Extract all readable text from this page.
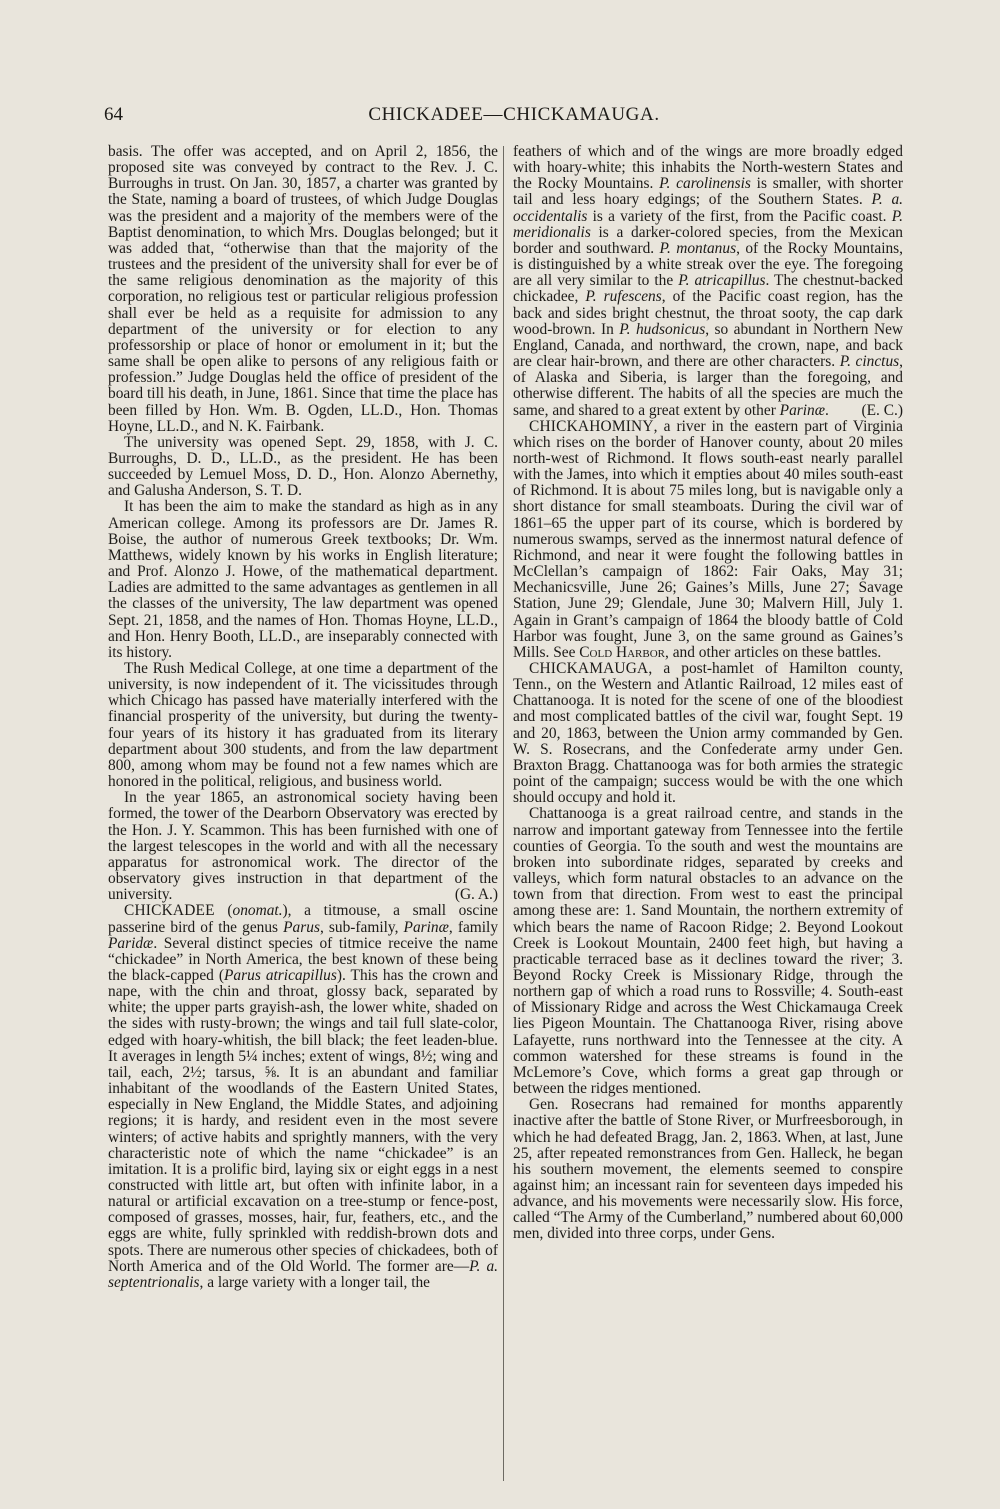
64	CHICKADEE—CHICKAMAUGA.

basis. The offer was accepted, and on April 2, 1856, the proposed site was conveyed by contract to the Rev. J. C. Burroughs in trust. On Jan. 30, 1857, a charter was granted by the State, naming a board of trustees, of which Judge Douglas was the president and a majority of the members were of the Baptist denomination, to which Mrs. Douglas belonged; but it was added that, “otherwise than that the majority of the trustees and the president of the university shall for ever be of the same religious denomination as the majority of this corporation, no religious test or particular religious profession shall ever be held as a requisite for admission to any department of the university or for election to any professorship or place of honor or emolument in it; but the same shall be open alike to persons of any religious faith or profession.” Judge Douglas held the office of president of the board till his death, in June, 1861. Since that time the place has been filled by Hon. Wm. B. Ogden, LL.D., Hon. Thomas Hoyne, LL.D., and N. K. Fairbank.

The university was opened Sept. 29, 1858, with J. C. Burroughs, D. D., LL.D., as the president. He has been succeeded by Lemuel Moss, D. D., Hon. Alonzo Abernethy, and Galusha Anderson, S. T. D.

It has been the aim to make the standard as high as in any American college. Among its professors are Dr. James R. Boise, the author of numerous Greek textbooks; Dr. Wm. Matthews, widely known by his works in English literature; and Prof. Alonzo J. Howe, of the mathematical department. Ladies are admitted to the same advantages as gentlemen in all the classes of the university, The law department was opened Sept. 21, 1858, and the names of Hon. Thomas Hoyne, LL.D., and Hon. Henry Booth, LL.D., are inseparably connected with its history.

The Rush Medical College, at one time a department of the university, is now independent of it. The vicissitudes through which Chicago has passed have materially interfered with the financial prosperity of the university, but during the twenty-four years of its history it has graduated from its literary department about 300 students, and from the law department 800, among whom may be found not a few names which are honored in the political, religious, and business world.

In the year 1865, an astronomical society having been formed, the tower of the Dearborn Observatory was erected by the Hon. J. Y. Scammon. This has been furnished with one of the largest telescopes in the world and with all the necessary apparatus for astronomical work. The director of the observatory gives instruction in that department of the university.	(G. A.)

CHICKADEE (onomat.), a titmouse, a small oscine passerine bird of the genus Parus, sub-family, Parinæ, family Paridæ. Several distinct species of titmice receive the name “chickadee” in North America, the best known of these being the black-capped (Parus atricapillus). This has the crown and nape, with the chin and throat, glossy back, separated by white; the upper parts grayish-ash, the lower white, shaded on the sides with rusty-brown; the wings and tail full slate-color, edged with hoary-whitish, the bill black; the feet leaden-blue. It averages in length 5¼ inches; extent of wings, 8½; wing and tail, each, 2½; tarsus, ⅝. It is an abundant and familiar inhabitant of the woodlands of the Eastern United States, especially in New England, the Middle States, and adjoining regions; it is hardy, and resident even in the most severe winters; of active habits and sprightly manners, with the very characteristic note of which the name “chickadee” is an imitation. It is a prolific bird, laying six or eight eggs in a nest constructed with little art, but often with infinite labor, in a natural or artificial excavation on a tree-stump or fence-post, composed of grasses, mosses, hair, fur, feathers, etc., and the eggs are white, fully sprinkled with reddish-brown dots and spots. There are numerous other species of chickadees, both of North America and of the Old World. The former are—P. a. septentrionalis, a large variety with a longer tail, the

feathers of which and of the wings are more broadly edged with hoary-white; this inhabits the North-western States and the Rocky Mountains. P. carolinensis is smaller, with shorter tail and less hoary edgings; of the Southern States. P. a. occidentalis is a variety of the first, from the Pacific coast. P. meridionalis is a darker-colored species, from the Mexican border and southward. P. montanus, of the Rocky Mountains, is distinguished by a white streak over the eye. The foregoing are all very similar to the P. atricapillus. The chestnut-backed chickadee, P. rufescens, of the Pacific coast region, has the back and sides bright chestnut, the throat sooty, the cap dark wood-brown. In P. hudsonicus, so abundant in Northern New England, Canada, and northward, the crown, nape, and back are clear hair-brown, and there are other characters. P. cinctus, of Alaska and Siberia, is larger than the foregoing, and otherwise different. The habits of all the species are much the same, and shared to a great extent by other Parinæ. (E. C.)

CHICKAHOMINY, a river in the eastern part of Virginia which rises on the border of Hanover county, about 20 miles north-west of Richmond. It flows south-east nearly parallel with the James, into which it empties about 40 miles south-east of Richmond. It is about 75 miles long, but is navigable only a short distance for small steamboats. During the civil war of 1861–65 the upper part of its course, which is bordered by numerous swamps, served as the innermost natural defence of Richmond, and near it were fought the following battles in McClellan’s campaign of 1862: Fair Oaks, May 31; Mechanicsville, June 26; Gaines’s Mills, June 27; Savage Station, June 29; Glendale, June 30; Malvern Hill, July 1. Again in Grant’s campaign of 1864 the bloody battle of Cold Harbor was fought, June 3, on the same ground as Gaines’s Mills. See Cold Harbor, and other articles on these battles.

CHICKAMAUGA, a post-hamlet of Hamilton county, Tenn., on the Western and Atlantic Railroad, 12 miles east of Chattanooga. It is noted for the scene of one of the bloodiest and most complicated battles of the civil war, fought Sept. 19 and 20, 1863, between the Union army commanded by Gen. W. S. Rosecrans, and the Confederate army under Gen. Braxton Bragg. Chattanooga was for both armies the strategic point of the campaign; success would be with the one which should occupy and hold it.

Chattanooga is a great railroad centre, and stands in the narrow and important gateway from Tennessee into the fertile counties of Georgia. To the south and west the mountains are broken into subordinate ridges, separated by creeks and valleys, which form natural obstacles to an advance on the town from that direction. From west to east the principal among these are: 1. Sand Mountain, the northern extremity of which bears the name of Racoon Ridge; 2. Beyond Lookout Creek is Lookout Mountain, 2400 feet high, but having a practicable terraced base as it declines toward the river; 3. Beyond Rocky Creek is Missionary Ridge, through the northern gap of which a road runs to Rossville; 4. South-east of Missionary Ridge and across the West Chickamauga Creek lies Pigeon Mountain. The Chattanooga River, rising above Lafayette, runs northward into the Tennessee at the city. A common watershed for these streams is found in the McLemore’s Cove, which forms a great gap through or between the ridges mentioned.

Gen. Rosecrans had remained for months apparently inactive after the battle of Stone River, or Murfreesborough, in which he had defeated Bragg, Jan. 2, 1863. When, at last, June 25, after repeated remonstrances from Gen. Halleck, he began his southern movement, the elements seemed to conspire against him; an incessant rain for seventeen days impeded his advance, and his movements were necessarily slow. His force, called “The Army of the Cumberland,” numbered about 60,000 men, divided into three corps, under Gens.
